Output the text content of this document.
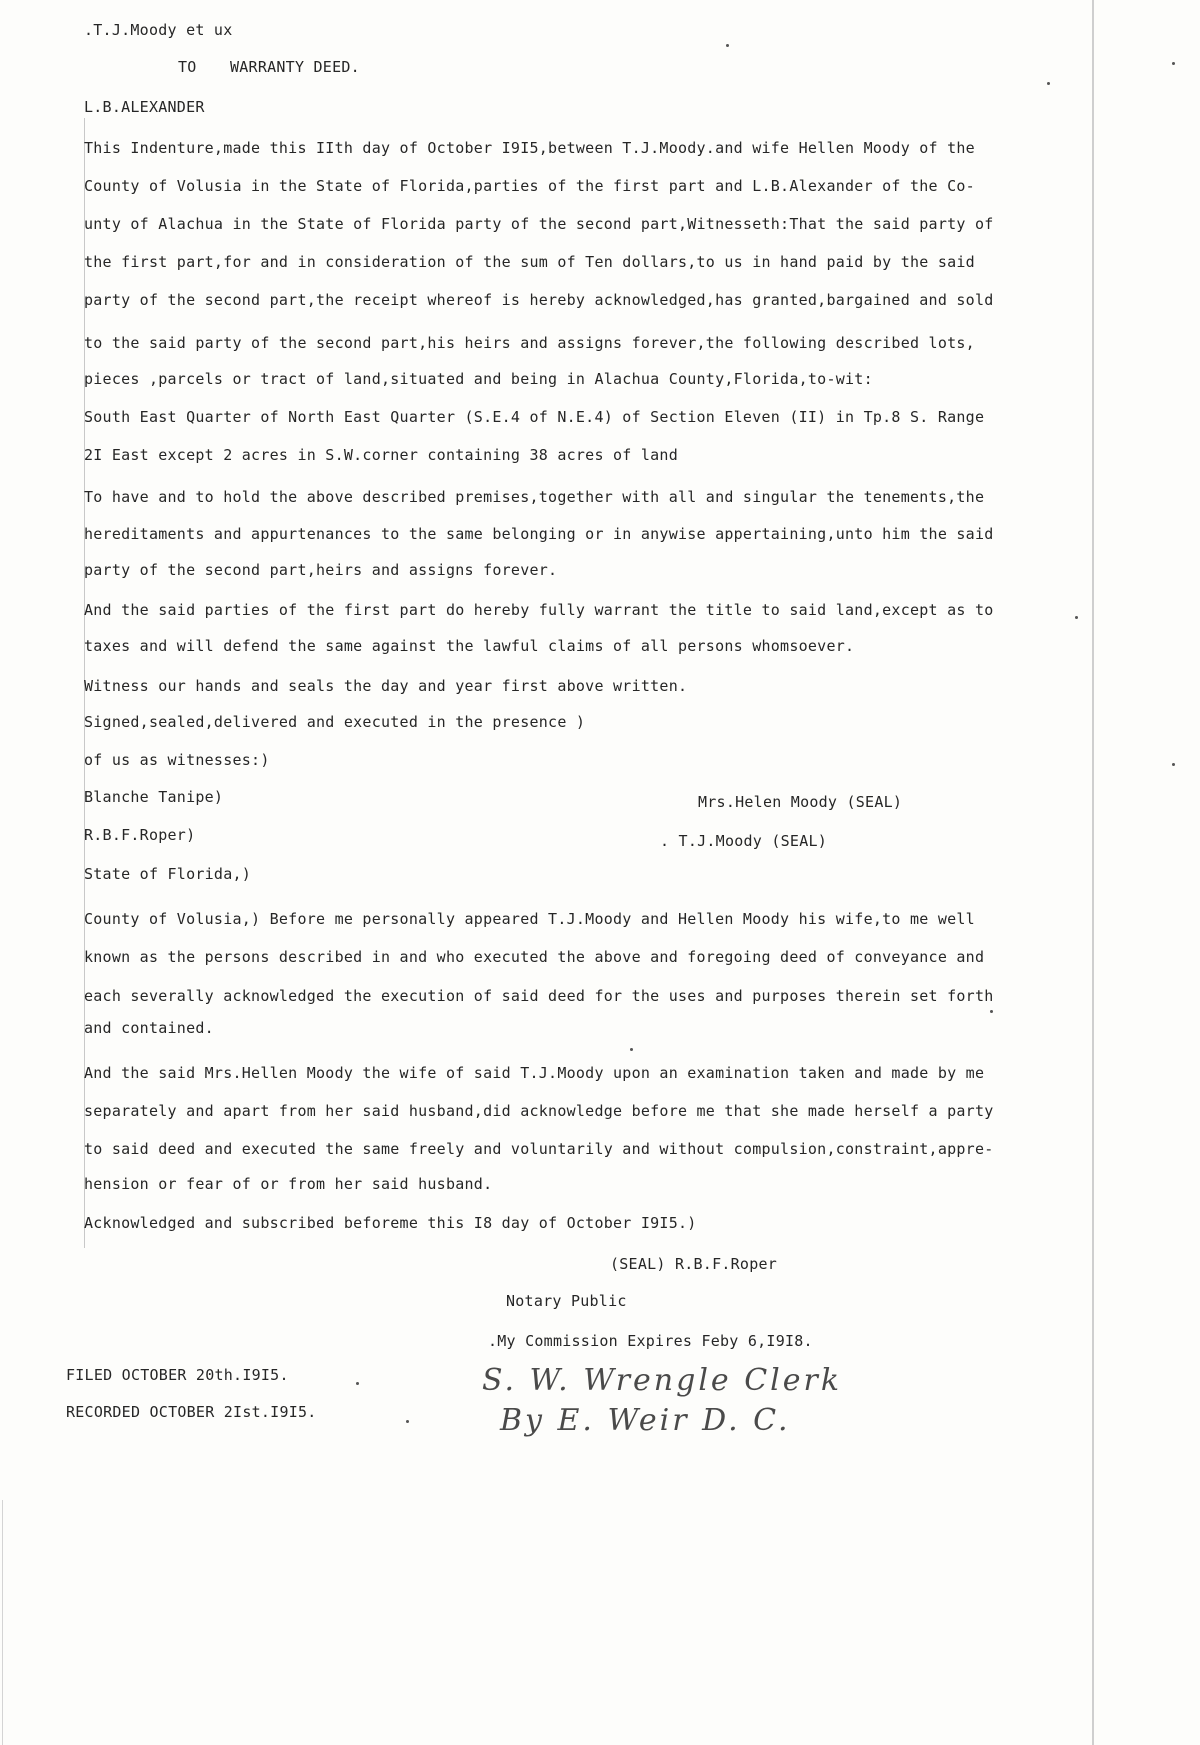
.T.J.Moody et ux

TO WARRANTY DEED.

L.B.ALEXANDER

This Indenture,made this IIth day of October I9I5,between T.J.Moody.and wife Hellen Moody of the

County of Volusia in the State of Florida,parties of the first part and L.B.Alexander of the Co-

unty of Alachua in the State of Florida party of the second part,Witnesseth:That the said party of

the first part,for and in consideration of the sum of Ten dollars,to us in hand paid by the said

party of the second part,the receipt whereof is hereby acknowledged,has granted,bargained and sold

to the said party of the second part,his heirs and assigns forever,the following described lots,

pieces ,parcels or tract of land,situated and being in Alachua County,Florida,to-wit:

South East Quarter of North East Quarter (S.E.4 of N.E.4) of Section Eleven (II) in Tp.8 S. Range

2I East except 2 acres in S.W.corner containing 38 acres of land

To have and to hold the above described premises,together with all and singular the tenements,the

hereditaments and appurtenances to the same belonging or in anywise appertaining,unto him the said

party of the second part,heirs and assigns forever.

And the said parties of the first part do hereby fully warrant the title to said land,except as to

taxes and will defend the same against the lawful claims of all persons whomsoever.

Witness our hands and seals the day and year first above written.

Signed,sealed,delivered and executed in the presence )

of us as witnesses:)

Blanche Tanipe)	Mrs.Helen Moody (SEAL)

R.B.F.Roper)	. T.J.Moody (SEAL)

State of Florida,)

County of Volusia,) Before me personally appeared T.J.Moody and Hellen Moody his wife,to me well

known as the persons described in and who executed the above and foregoing deed of conveyance and

each severally acknowledged the execution of said deed for the uses and purposes therein set forth

and contained.

And the said Mrs.Hellen Moody the wife of said T.J.Moody upon an examination taken and made by me

separately and apart from her said husband,did acknowledge before me that she made herself a party

to said deed and executed the same freely and voluntarily and without compulsion,constraint,appre-

hension or fear of or from her said husband.

Acknowledged and subscribed beforeme this I8 day of October I9I5.)

(SEAL) R.B.F.Roper

Notary Public

.My Commission Expires Feby 6,I9I8.

FILED OCTOBER 20th.I9I5.

RECORDED OCTOBER 2Ist.I9I5.

S. W. Wrengle Clerk

By E. Weir D. C.
